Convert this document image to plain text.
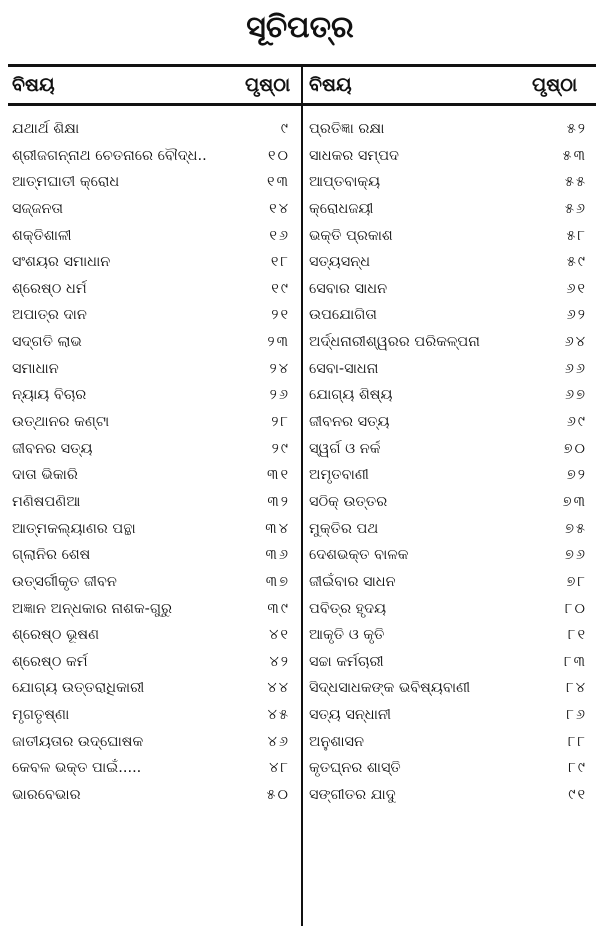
ସୂଚିପତ୍ର
ବିଷୟ	ପୃଷ୍ଠା ବିଷୟ	ପୃଷ୍ଠା
ଯଥାର୍ଥ ଶିକ୍ଷା	୯
ଶ୍ରୀଜଗନ୍ନାଥ ଚେତନାରେ ବୌଦ୍ଧ..	୧୦
ଆତ୍ମଘାତୀ କ୍ରୋଧ	୧୩
ସଜ୍ଜନତା	୧୪
ଶକ୍ତିଶାଳୀ	୧୬
ସଂଶୟର ସମାଧାନ	୧୮
ଶ୍ରେଷ୍ଠ ଧର୍ମ	୧୯
ଅପାତ୍ର ଦାନ	୨୧
ସଦ୍‌ଗତି ଲାଭ	୨୩
ସମାଧାନ	୨୪
ନ୍ୟାୟ ବିଚାର	୨୬
ଉତ୍‌ଥାନର କଣ୍ଟା	୨୮
ଜୀବନର ସତ୍ୟ	୨୯
ଦାତା ଭିକାରି	୩୧
ମଣିଷପଣିଆ	୩୨
ଆତ୍ମକଲ୍ୟାଣର ପନ୍ଥା	୩୪
ଗ୍ଲାନିର ଶେଷ	୩୬
ଉତ୍ସର୍ଗୀକୃତ ଜୀବନ	୩୭
ଅଜ୍ଞାନ ଅନ୍ଧକାର ନାଶକ-ଗୁରୁ	୩୯
ଶ୍ରେଷ୍ଠ ଭୂଷଣ	୪୧
ଶ୍ରେଷ୍ଠ କର୍ମ	୪୨
ଯୋଗ୍ୟ ଉତ୍ତରାଧିକାରୀ	୪୪
ମୃଗତୃଷ୍ଣା	୪୫
ଜାତୀୟତାର ଉଦ୍‌ଘୋଷକ	୪୬
କେବଳ ଭକ୍ତ ପାଇଁ.....	୪୮
ଭାରବେଭାର	୫୦
ପ୍ରତିଜ୍ଞା ରକ୍ଷା	୫୨
ସାଧକର ସମ୍ପଦ	୫୩
ଆପ୍ତବାକ୍ୟ	୫୫
କ୍ରୋଧଜୟୀ	୫୬
ଭକ୍ତି ପ୍ରକାଶ	୫୮
ସତ୍ୟସନ୍ଧ	୫୯
ସେବାର ସାଧନ	୬୧
ଉପଯୋଗିତା	୬୨
ଅର୍ଦ୍ଧନାରୀଶ୍ୱରର ପରିକଳ୍ପନା	୬୪
ସେବା-ସାଧନା	୬୬
ଯୋଗ୍ୟ ଶିଷ୍ୟ	୬୭
ଜୀବନର ସତ୍ୟ	୬୯
ସ୍ୱର୍ଗ ଓ ନର୍କ	୭୦
ଅମୃତବାଣୀ	୭୨
ସଠିକ୍ ଉତ୍ତର	୭୩
ମୁକ୍ତିର ପଥ	୭୫
ଦେଶଭକ୍ତ ବାଳକ	୭୬
ଜୀଇଁବାର ସାଧନ	୭୮
ପବିତ୍ର ହୃଦୟ	୮୦
ଆକୃତି ଓ କୃତି	୮୧
ସଚ୍ଚା କର୍ମଚାରୀ	୮୩
ସିଦ୍ଧସାଧକଙ୍କ ଭବିଷ୍ୟବାଣୀ	୮୪
ସତ୍ୟ ସନ୍ଧାନୀ	୮୬
ଅନୁଶାସନ	୮୮
କୃତଘ୍ନର ଶାସ୍ତି	୮୯
ସଙ୍ଗୀତର ଯାଦୁ	୯୧
